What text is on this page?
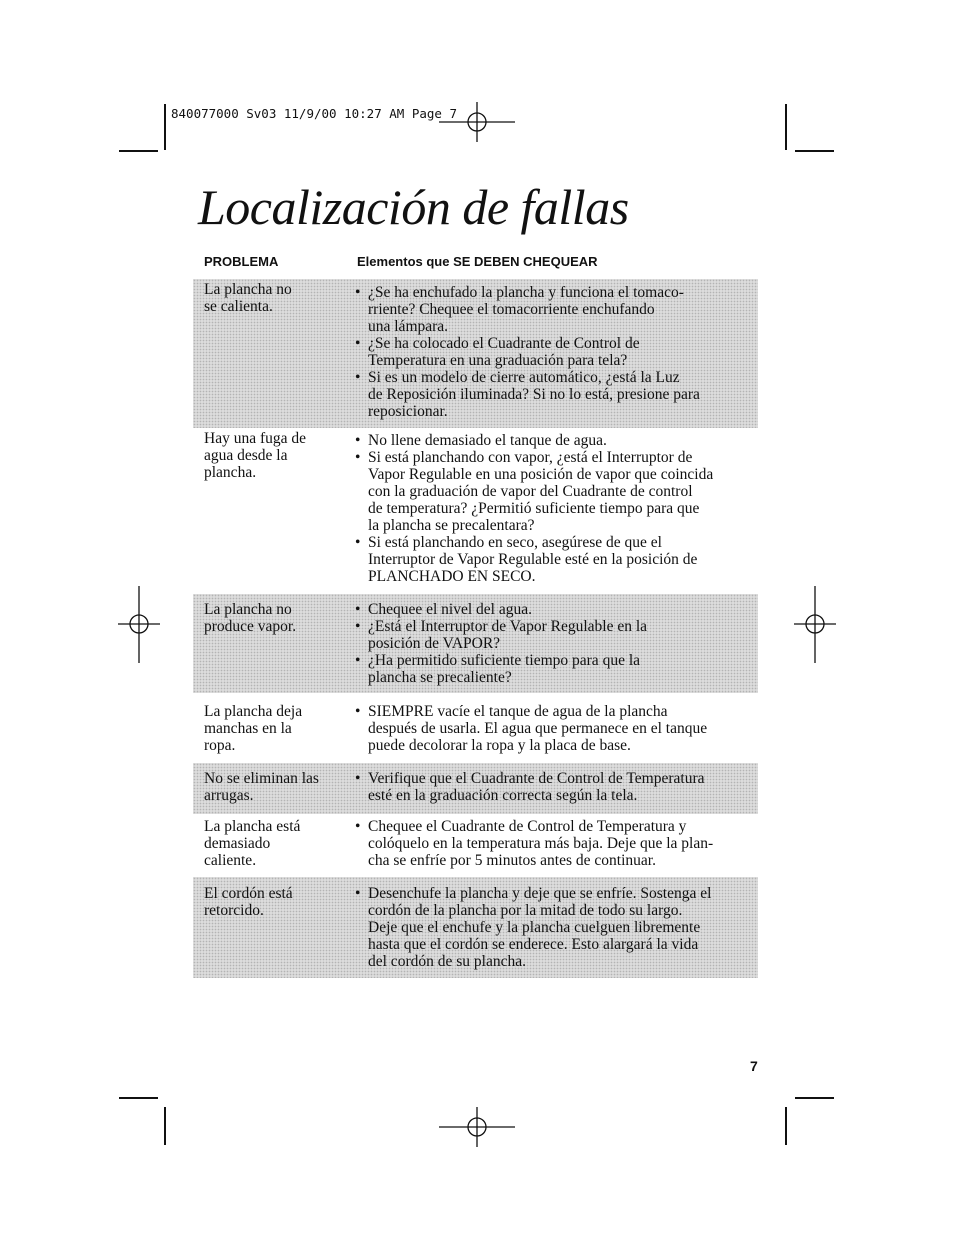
840077000 Sv03 11/9/00 10:27 AM Page 7
Localización de fallas
PROBLEMA	Elementos que SE DEBEN CHEQUEAR
La plancha no
se calienta.
• ¿Se ha enchufado la plancha y funciona el tomaco-
rriente? Chequee el tomacorriente enchufando
una lámpara.
• ¿Se ha colocado el Cuadrante de Control de
Temperatura en una graduación para tela?
• Si es un modelo de cierre automático, ¿está la Luz
de Reposición iluminada? Si no lo está, presione para
reposicionar.
Hay una fuga de
agua desde la
plancha.
• No llene demasiado el tanque de agua.
• Si está planchando con vapor, ¿está el Interruptor de
Vapor Regulable en una posición de vapor que coincida
con la graduación de vapor del Cuadrante de control
de temperatura? ¿Permitió suficiente tiempo para que
la plancha se precalentara?
• Si está planchando en seco, asegúrese de que el
Interruptor de Vapor Regulable esté en la posición de
PLANCHADO EN SECO.
La plancha no
produce vapor.
• Chequee el nivel del agua.
• ¿Está el Interruptor de Vapor Regulable en la
posición de VAPOR?
• ¿Ha permitido suficiente tiempo para que la
plancha se precaliente?
La plancha deja
manchas en la
ropa.
• SIEMPRE vacíe el tanque de agua de la plancha
después de usarla. El agua que permanece en el tanque
puede decolorar la ropa y la placa de base.
No se eliminan las
arrugas.
• Verifique que el Cuadrante de Control de Temperatura
esté en la graduación correcta según la tela.
La plancha está
demasiado
caliente.
• Chequee el Cuadrante de Control de Temperatura y
colóquelo en la temperatura más baja. Deje que la plan-
cha se enfríe por 5 minutos antes de continuar.
El cordón está
retorcido.
• Desenchufe la plancha y deje que se enfríe. Sostenga el
cordón de la plancha por la mitad de todo su largo.
Deje que el enchufe y la plancha cuelguen libremente
hasta que el cordón se enderece. Esto alargará la vida
del cordón de su plancha.
7
